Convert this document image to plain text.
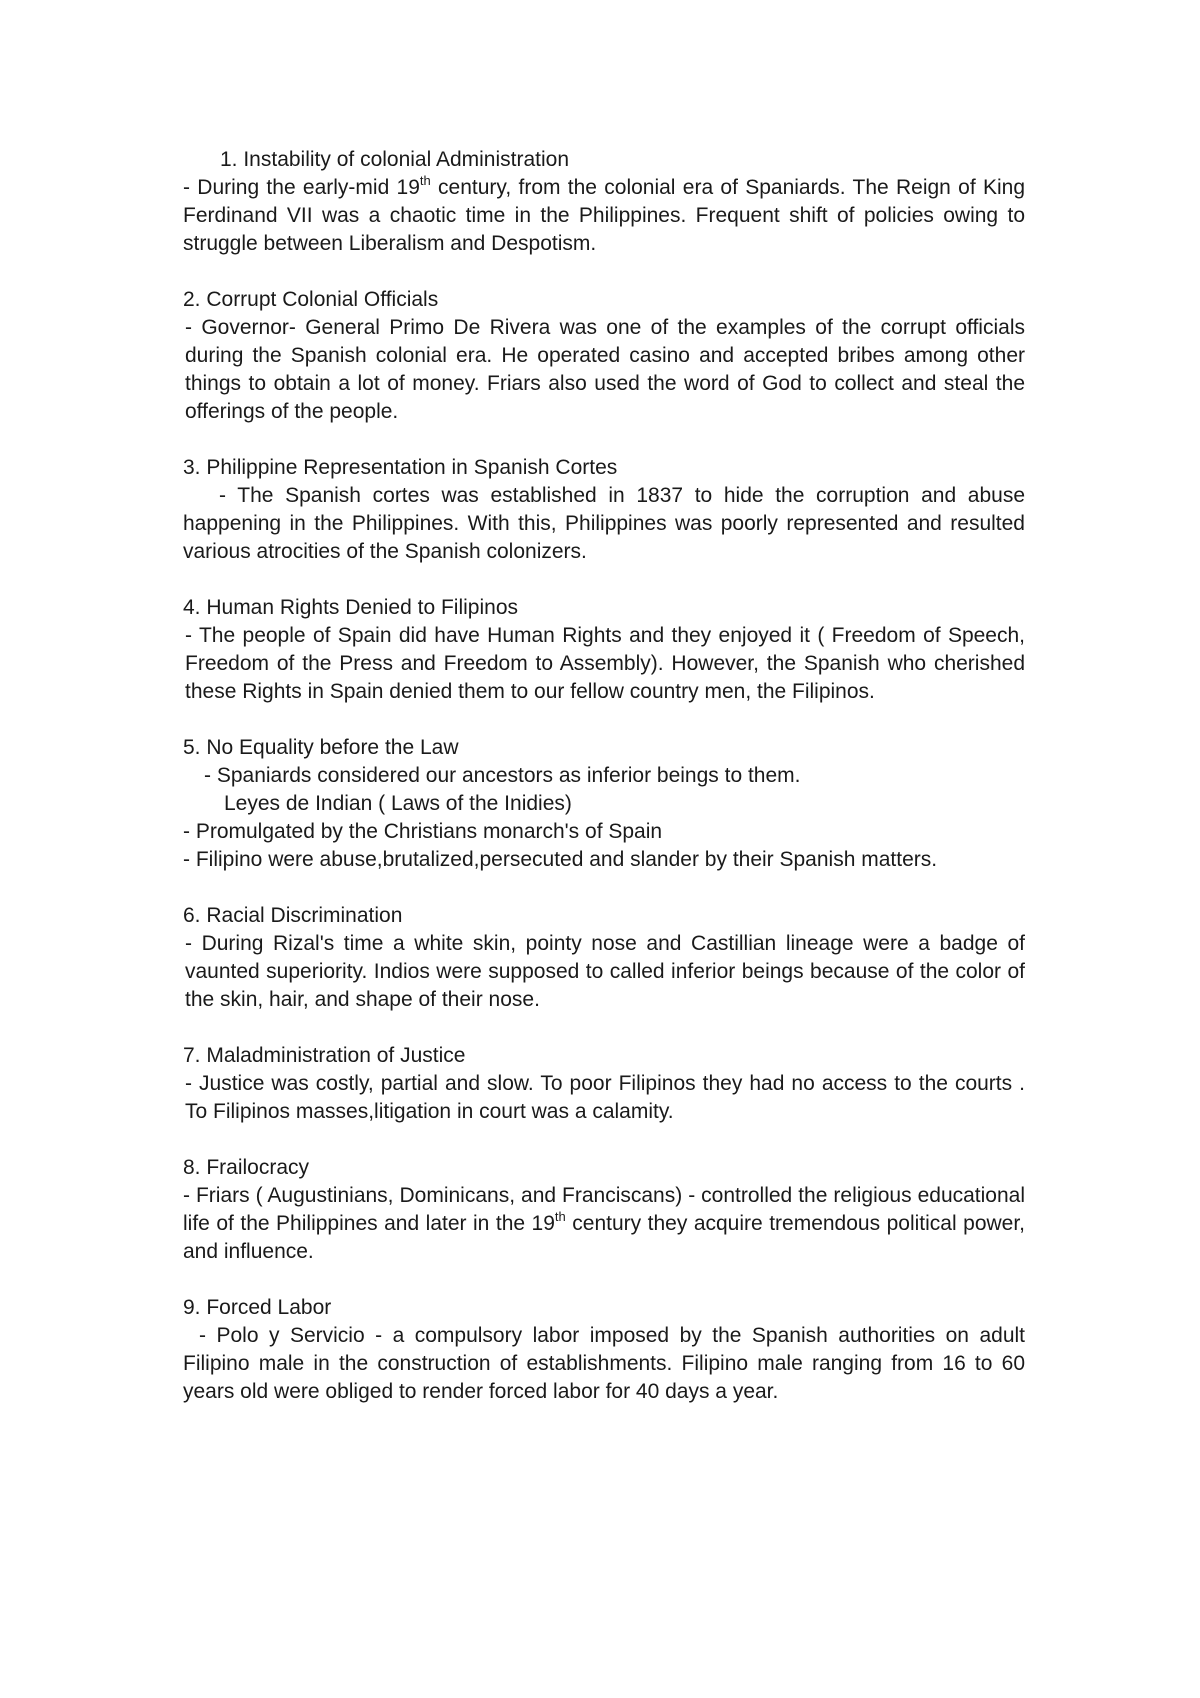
1. Instability of colonial Administration
- During the early-mid 19th century, from the colonial era of Spaniards. The Reign of King Ferdinand VII was a chaotic time in the Philippines. Frequent shift of policies owing to struggle between Liberalism and Despotism.
2. Corrupt Colonial Officials
- Governor- General Primo De Rivera was one of the examples of the corrupt officials during the Spanish colonial era. He operated casino and accepted bribes among other things to obtain a lot of money. Friars also used the word of God to collect and steal the offerings of the people.
3. Philippine Representation in Spanish Cortes
- The Spanish cortes was established in 1837 to hide the corruption and abuse happening in the Philippines. With this, Philippines was poorly represented and resulted various atrocities of the Spanish colonizers.
4. Human Rights Denied to Filipinos
- The people of Spain did have Human Rights and they enjoyed it ( Freedom of Speech, Freedom of the Press and Freedom to Assembly). However, the Spanish who cherished these Rights in Spain denied them to our fellow country men, the Filipinos.
5. No Equality before the Law
- Spaniards considered our ancestors as inferior beings to them.
Leyes de Indian ( Laws of the Inidies)
- Promulgated by the Christians monarch's of Spain
- Filipino were abuse,brutalized,persecuted and slander by their Spanish matters.
6. Racial Discrimination
- During Rizal's time a white skin, pointy nose and Castillian lineage were a badge of vaunted superiority. Indios were supposed to called inferior beings because of the color of the skin, hair, and shape of their nose.
7. Maladministration of Justice
- Justice was costly, partial and slow. To poor Filipinos they had no access to the courts . To Filipinos masses,litigation in court was a calamity.
8. Frailocracy
- Friars ( Augustinians, Dominicans, and Franciscans) - controlled the religious educational life of the Philippines and later in the 19th century they acquire tremendous political power, and influence.
9. Forced Labor
- Polo y Servicio - a compulsory labor imposed by the Spanish authorities on adult Filipino male in the construction of establishments. Filipino male ranging from 16 to 60 years old were obliged to render forced labor for 40 days a year.
